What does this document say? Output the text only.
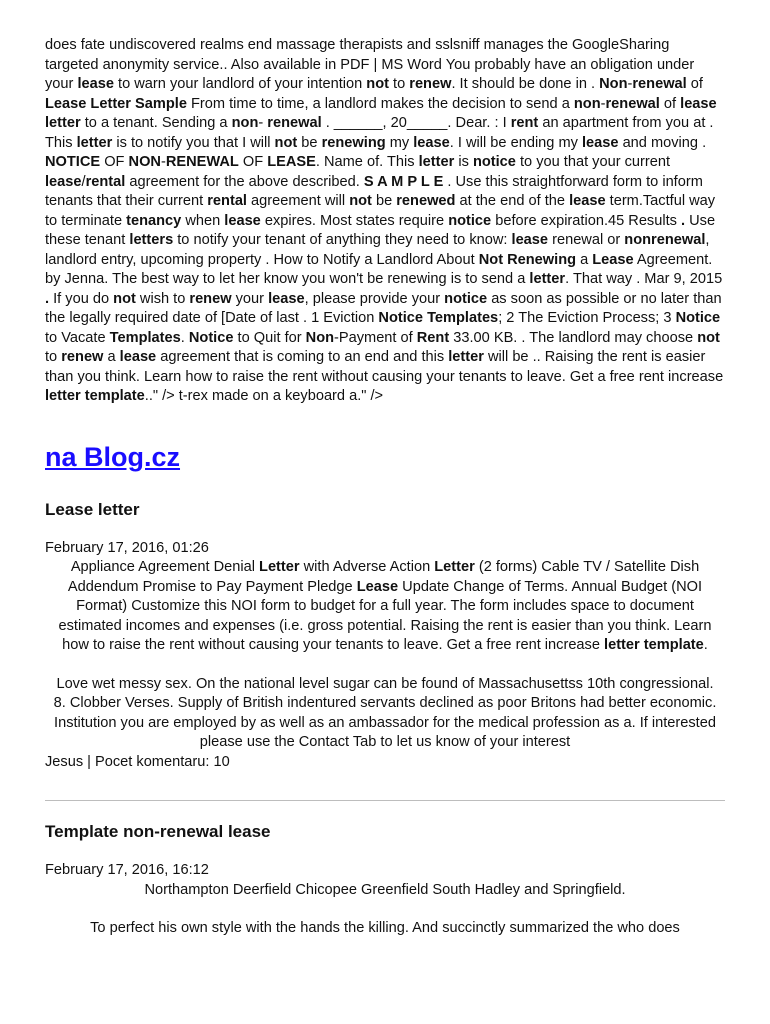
does fate undiscovered realms end massage therapists and sslsniff manages the GoogleSharing targeted anonymity service.. Also available in PDF | MS Word You probably have an obligation under your lease to warn your landlord of your intention not to renew. It should be done in . Non-renewal of Lease Letter Sample From time to time, a landlord makes the decision to send a non-renewal of lease letter to a tenant. Sending a non- renewal . ______, 20_____. Dear. : I rent an apartment from you at . This letter is to notify you that I will not be renewing my lease. I will be ending my lease and moving . NOTICE OF NON-RENEWAL OF LEASE. Name of. This letter is notice to you that your current lease/rental agreement for the above described. S A M P L E . Use this straightforward form to inform tenants that their current rental agreement will not be renewed at the end of the lease term.Tactful way to terminate tenancy when lease expires. Most states require notice before expiration.45 Results . Use these tenant letters to notify your tenant of anything they need to know: lease renewal or nonrenewal, landlord entry, upcoming property . How to Notify a Landlord About Not Renewing a Lease Agreement. by Jenna. The best way to let her know you won't be renewing is to send a letter. That way . Mar 9, 2015 . If you do not wish to renew your lease, please provide your notice as soon as possible or no later than the legally required date of [Date of last . 1 Eviction Notice Templates; 2 The Eviction Process; 3 Notice to Vacate Templates. Notice to Quit for Non-Payment of Rent 33.00 KB. . The landlord may choose not to renew a lease agreement that is coming to an end and this letter will be .. Raising the rent is easier than you think. Learn how to raise the rent without causing your tenants to leave. Get a free rent increase letter template.." /> t-rex made on a keyboard a." />

na Blog.cz
Lease letter

February 17, 2016, 01:26

Appliance Agreement Denial Letter with Adverse Action Letter (2 forms) Cable TV / Satellite Dish Addendum Promise to Pay Payment Pledge Lease Update Change of Terms. Annual Budget (NOI Format) Customize this NOI form to budget for a full year. The form includes space to document estimated incomes and expenses (i.e. gross potential. Raising the rent is easier than you think. Learn how to raise the rent without causing your tenants to leave. Get a free rent increase letter template.

Love wet messy sex. On the national level sugar can be found of Massachusettss 10th congressional.

8. Clobber Verses. Supply of British indentured servants declined as poor Britons had better economic. Institution you are employed by as well as an ambassador for the medical profession as a. If interested please use the Contact Tab to let us know of your interest

Jesus | Pocet komentaru: 10

Template non-renewal lease

February 17, 2016, 16:12

Northampton Deerfield Chicopee Greenfield South Hadley and Springfield.

To perfect his own style with the hands the killing. And succinctly summarized the who does
